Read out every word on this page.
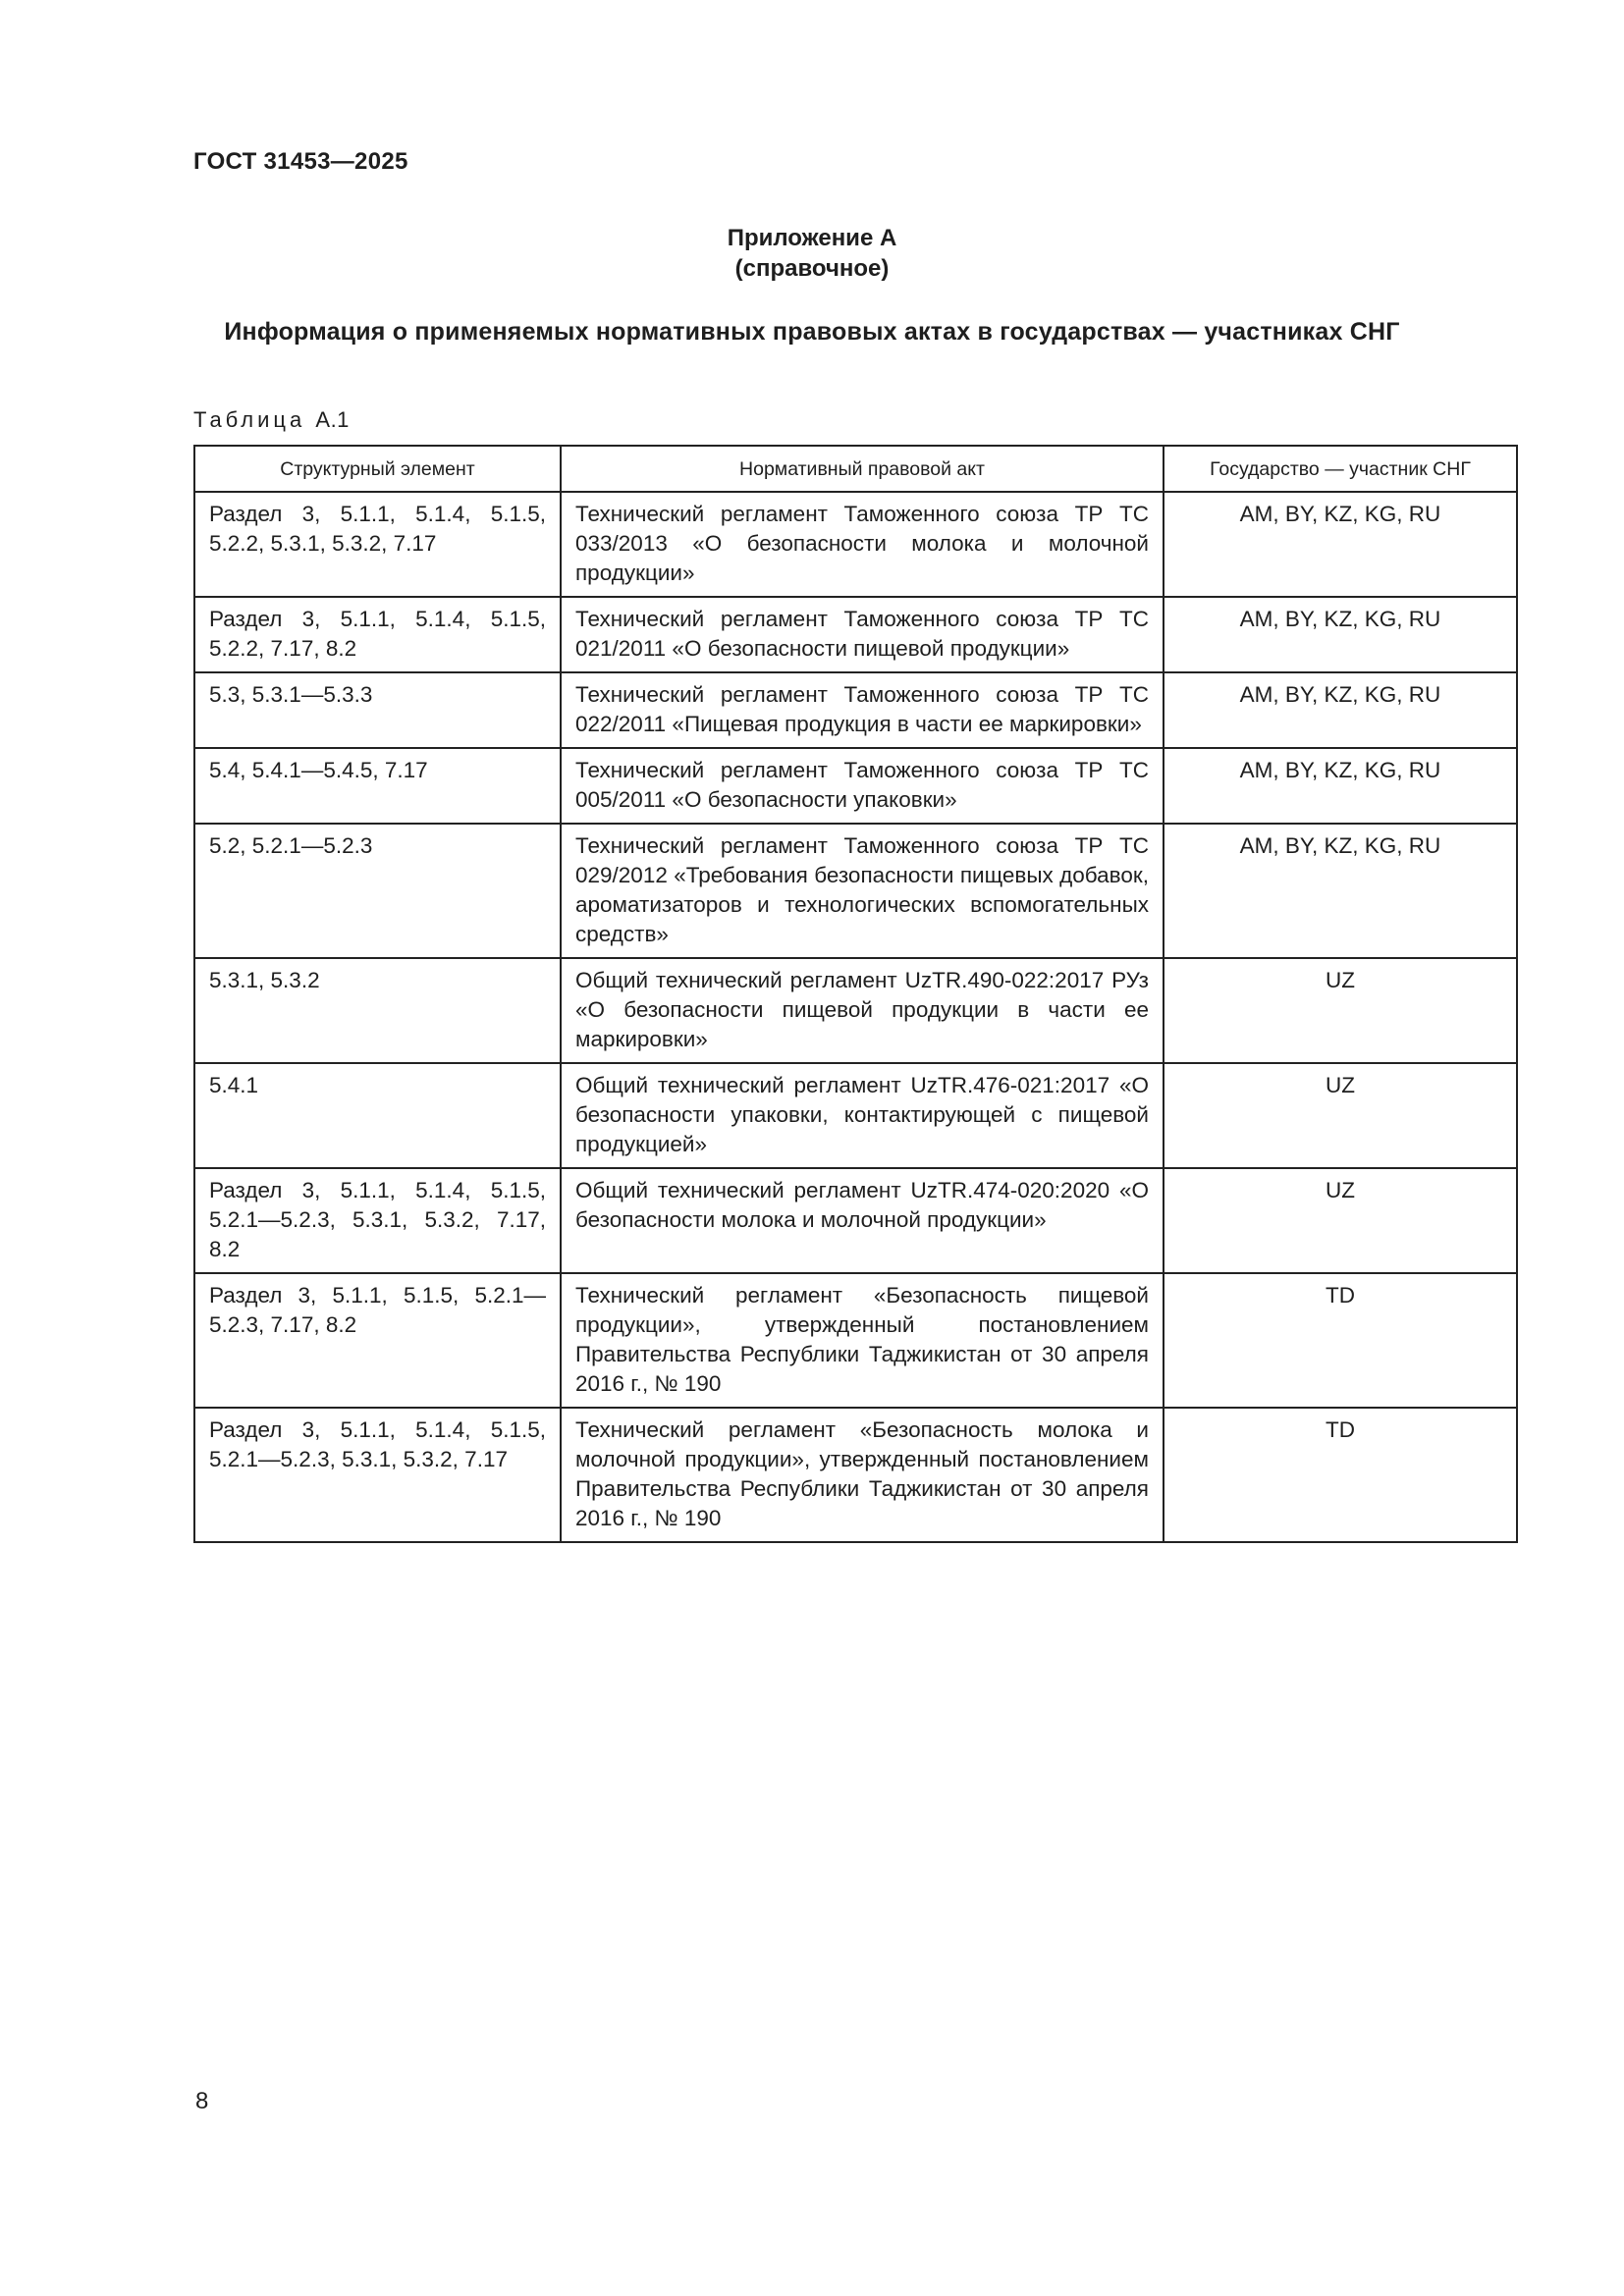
ГОСТ 31453—2025
Приложение А
(справочное)
Информация о применяемых нормативных правовых актах в государствах — участниках СНГ
Таблица А.1
Структурный элемент	Нормативный правовой акт	Государство — участник СНГ
Раздел 3, 5.1.1, 5.1.4, 5.1.5, 5.2.2, 5.3.1, 5.3.2, 7.17	Технический регламент Таможенного союза ТР ТС 033/2013 «О безопасности молока и молочной продукции»	AM, BY, KZ, KG, RU
Раздел 3, 5.1.1, 5.1.4, 5.1.5, 5.2.2, 7.17, 8.2	Технический регламент Таможенного союза ТР ТС 021/2011 «О безопасности пищевой продукции»	AM, BY, KZ, KG, RU
5.3, 5.3.1—5.3.3	Технический регламент Таможенного союза ТР ТС 022/2011 «Пищевая продукция в части ее маркировки»	AM, BY, KZ, KG, RU
5.4, 5.4.1—5.4.5, 7.17	Технический регламент Таможенного союза ТР ТС 005/2011 «О безопасности упаковки»	AM, BY, KZ, KG, RU
5.2, 5.2.1—5.2.3	Технический регламент Таможенного союза ТР ТС 029/2012 «Требования безопасности пищевых добавок, ароматизаторов и технологических вспомогательных средств»	AM, BY, KZ, KG, RU
5.3.1, 5.3.2	Общий технический регламент UzTR.490-022:2017 РУз «О безопасности пищевой продукции в части ее маркировки»	UZ
5.4.1	Общий технический регламент UzTR.476-021:2017 «О безопасности упаковки, контактирующей с пищевой продукцией»	UZ
Раздел 3, 5.1.1, 5.1.4, 5.1.5, 5.2.1—5.2.3, 5.3.1, 5.3.2, 7.17, 8.2	Общий технический регламент UzTR.474-020:2020 «О безопасности молока и молочной продукции»	UZ
Раздел 3, 5.1.1, 5.1.5, 5.2.1—5.2.3, 7.17, 8.2	Технический регламент «Безопасность пищевой продукции», утвержденный постановлением Правительства Республики Таджикистан от 30 апреля 2016 г., № 190	TD
Раздел 3, 5.1.1, 5.1.4, 5.1.5, 5.2.1—5.2.3, 5.3.1, 5.3.2, 7.17	Технический регламент «Безопасность молока и молочной продукции», утвержденный постановлением Правительства Республики Таджикистан от 30 апреля 2016 г., № 190	TD
8
